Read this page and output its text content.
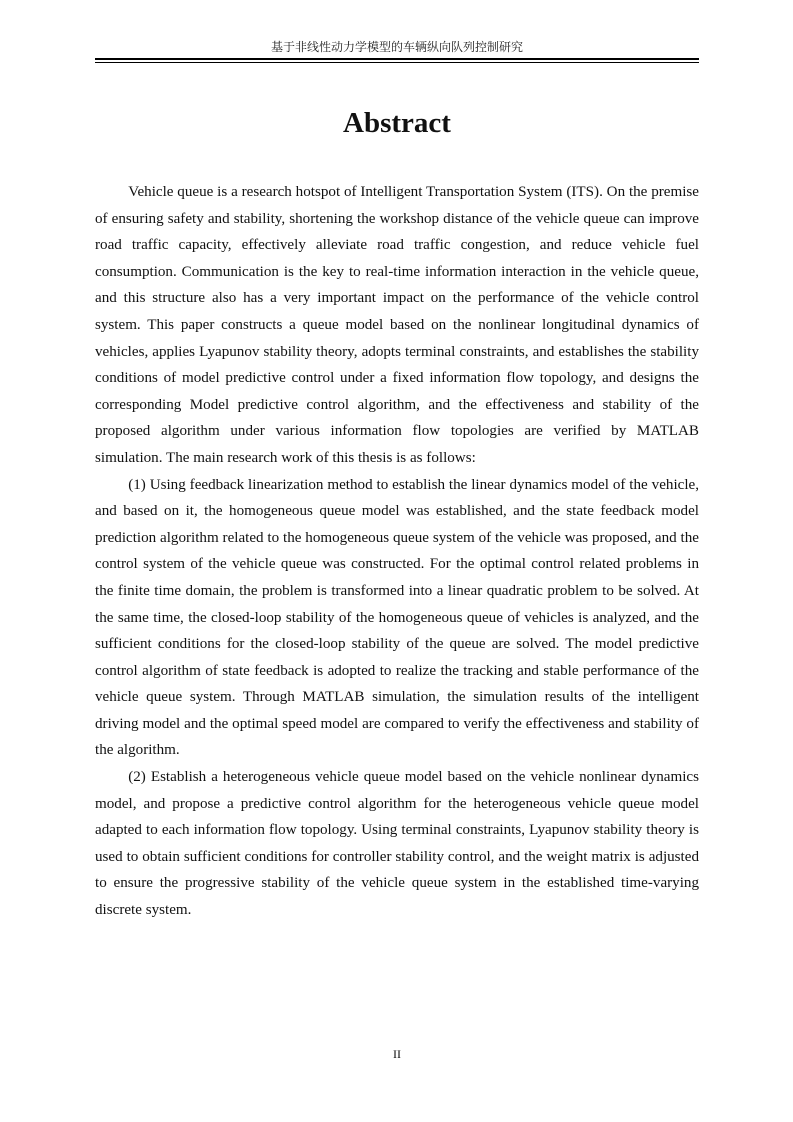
基于非线性动力学模型的车辆纵向队列控制研究
Abstract

Vehicle queue is a research hotspot of Intelligent Transportation System (ITS). On the premise of ensuring safety and stability, shortening the workshop distance of the vehicle queue can improve road traffic capacity, effectively alleviate road traffic congestion, and reduce vehicle fuel consumption. Communication is the key to real-time information interaction in the vehicle queue, and this structure also has a very important impact on the performance of the vehicle control system. This paper constructs a queue model based on the nonlinear longitudinal dynamics of vehicles, applies Lyapunov stability theory, adopts terminal constraints, and establishes the stability conditions of model predictive control under a fixed information flow topology, and designs the corresponding Model predictive control algorithm, and the effectiveness and stability of the proposed algorithm under various information flow topologies are verified by MATLAB simulation. The main research work of this thesis is as follows:

(1) Using feedback linearization method to establish the linear dynamics model of the vehicle, and based on it, the homogeneous queue model was established, and the state feedback model prediction algorithm related to the homogeneous queue system of the vehicle was proposed, and the control system of the vehicle queue was constructed. For the optimal control related problems in the finite time domain, the problem is transformed into a linear quadratic problem to be solved. At the same time, the closed-loop stability of the homogeneous queue of vehicles is analyzed, and the sufficient conditions for the closed-loop stability of the queue are solved. The model predictive control algorithm of state feedback is adopted to realize the tracking and stable performance of the vehicle queue system. Through MATLAB simulation, the simulation results of the intelligent driving model and the optimal speed model are compared to verify the effectiveness and stability of the algorithm.

(2) Establish a heterogeneous vehicle queue model based on the vehicle nonlinear dynamics model, and propose a predictive control algorithm for the heterogeneous vehicle queue model adapted to each information flow topology. Using terminal constraints, Lyapunov stability theory is used to obtain sufficient conditions for controller stability control, and the weight matrix is adjusted to ensure the progressive stability of the vehicle queue system in the established time-varying discrete system.

II
